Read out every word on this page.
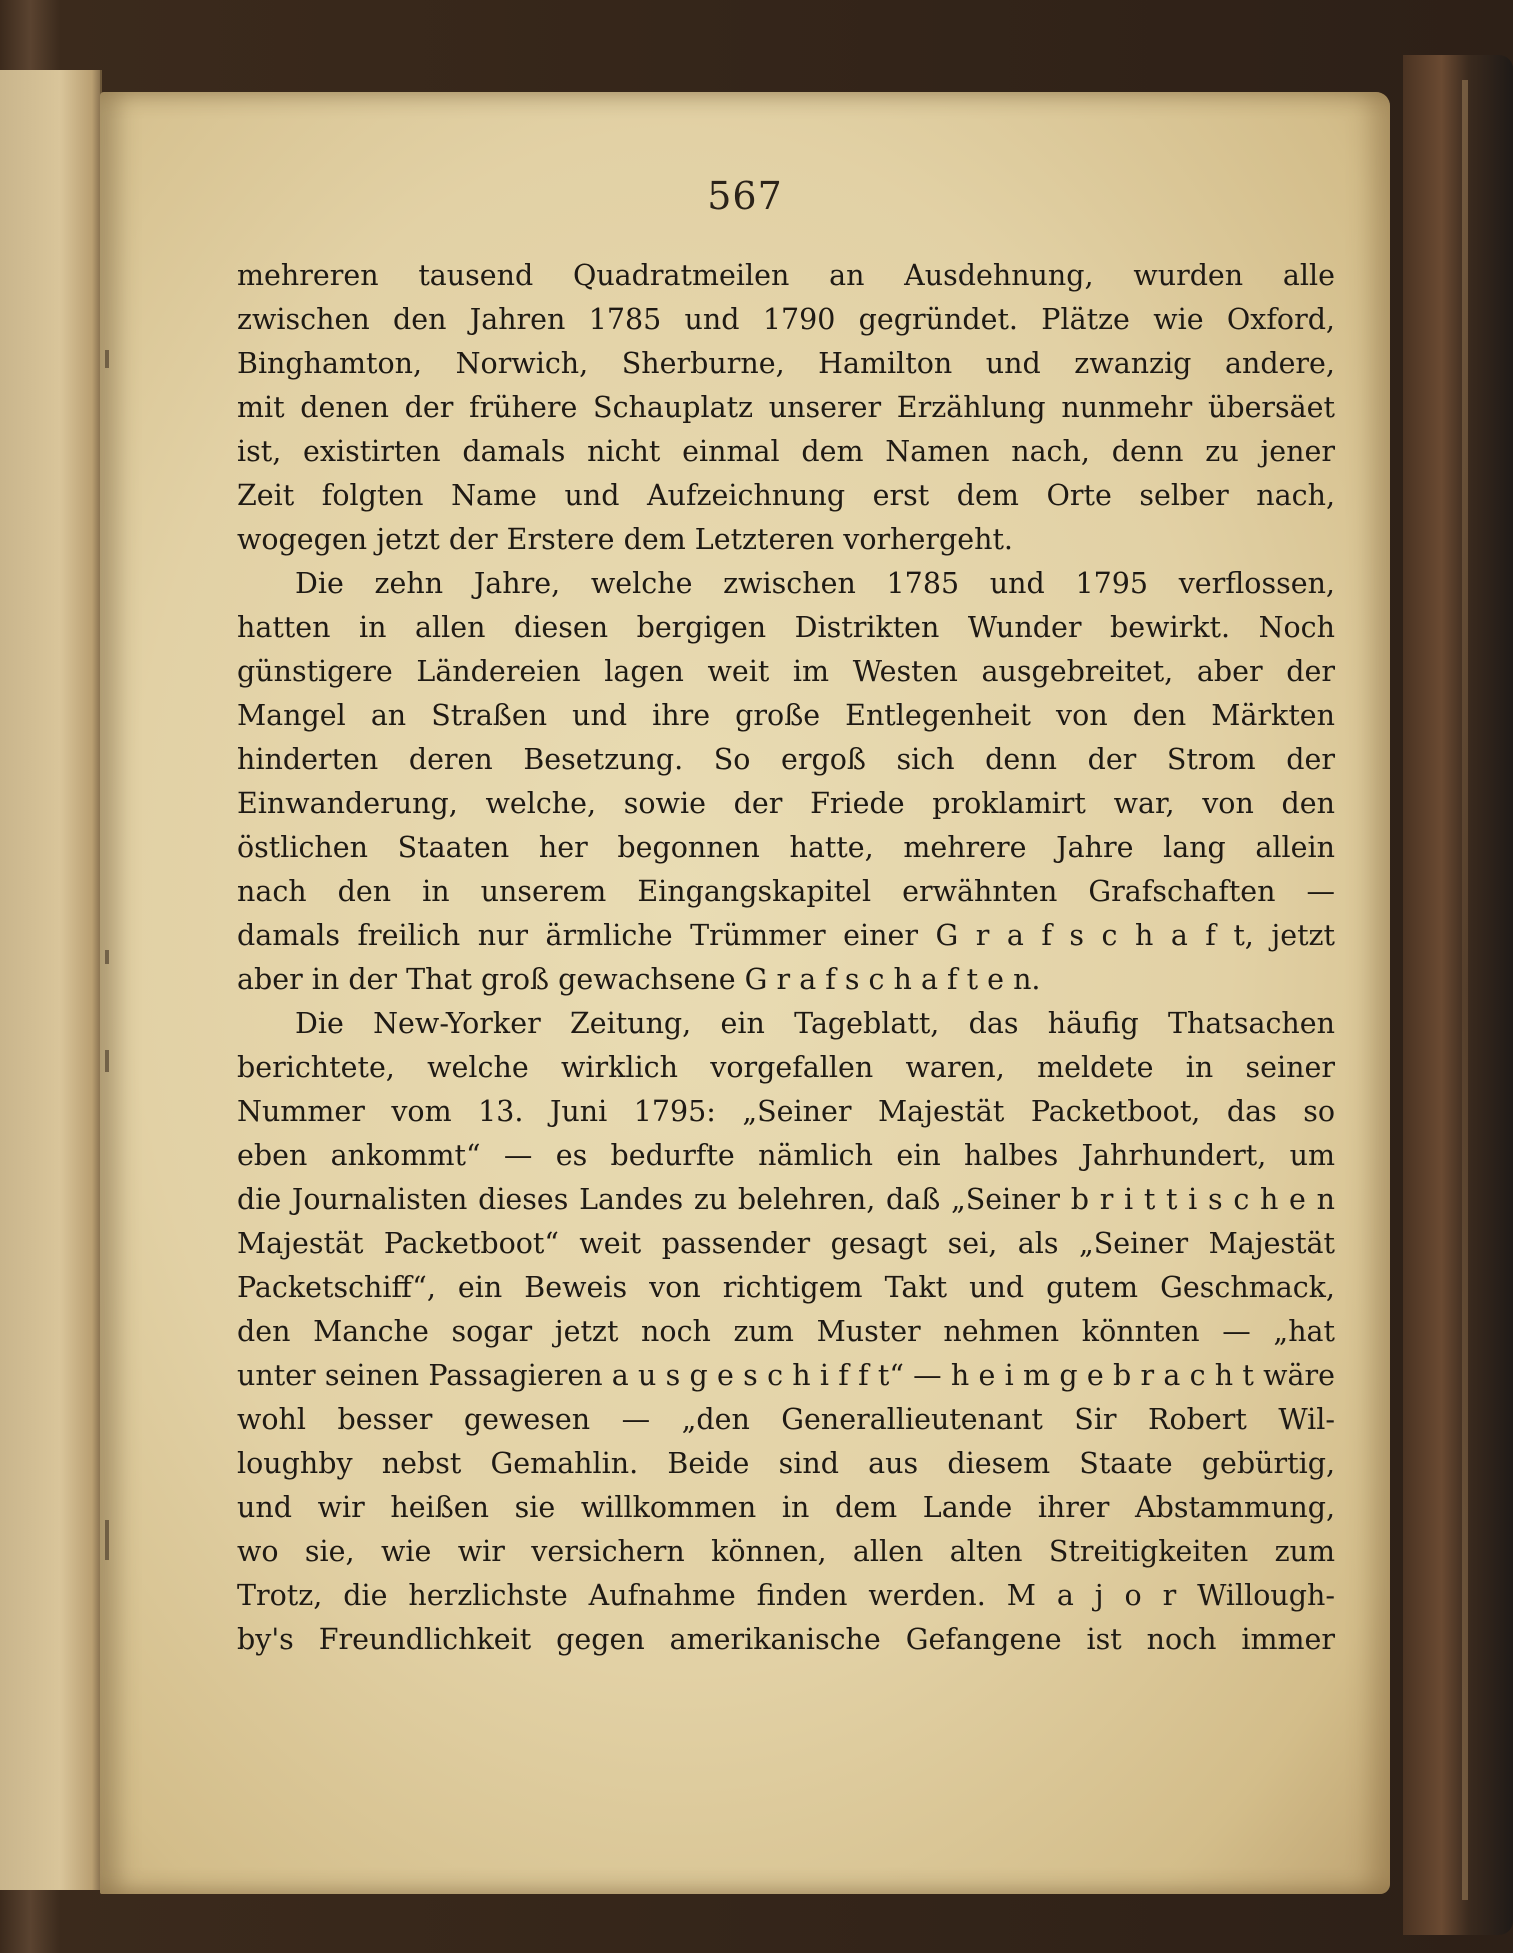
567
mehreren tausend Quadratmeilen an Ausdehnung, wurden alle
zwischen den Jahren 1785 und 1790 gegründet. Plätze wie Oxford,
Binghamton, Norwich, Sherburne, Hamilton und zwanzig andere,
mit denen der frühere Schauplatz unserer Erzählung nunmehr übersäet
ist, existirten damals nicht einmal dem Namen nach, denn zu jener
Zeit folgten Name und Aufzeichnung erst dem Orte selber nach,
wogegen jetzt der Erstere dem Letzteren vorhergeht.
Die zehn Jahre, welche zwischen 1785 und 1795 verflossen,
hatten in allen diesen bergigen Distrikten Wunder bewirkt. Noch
günstigere Ländereien lagen weit im Westen ausgebreitet, aber der
Mangel an Straßen und ihre große Entlegenheit von den Märkten
hinderten deren Besetzung. So ergoß sich denn der Strom der
Einwanderung, welche, sowie der Friede proklamirt war, von den
östlichen Staaten her begonnen hatte, mehrere Jahre lang allein
nach den in unserem Eingangskapitel erwähnten Grafschaften —
damals freilich nur ärmliche Trümmer einer G r a f s c h a f t, jetzt
aber in der That groß gewachsene G r a f s c h a f t e n.
Die New-Yorker Zeitung, ein Tageblatt, das häufig Thatsachen
berichtete, welche wirklich vorgefallen waren, meldete in seiner
Nummer vom 13. Juni 1795: „Seiner Majestät Packetboot, das so
eben ankommt“ — es bedurfte nämlich ein halbes Jahrhundert, um
die Journalisten dieses Landes zu belehren, daß „Seiner b r i t t i s c h e n
Majestät Packetboot“ weit passender gesagt sei, als „Seiner Majestät
Packetschiff“, ein Beweis von richtigem Takt und gutem Geschmack,
den Manche sogar jetzt noch zum Muster nehmen könnten — „hat
unter seinen Passagieren a u s g e s c h i f f t“ — h e i m g e b r a c h t wäre
wohl besser gewesen — „den Generallieutenant Sir Robert Wil-
loughby nebst Gemahlin. Beide sind aus diesem Staate gebürtig,
und wir heißen sie willkommen in dem Lande ihrer Abstammung,
wo sie, wie wir versichern können, allen alten Streitigkeiten zum
Trotz, die herzlichste Aufnahme finden werden. M a j o r Willough-
by's Freundlichkeit gegen amerikanische Gefangene ist noch immer
